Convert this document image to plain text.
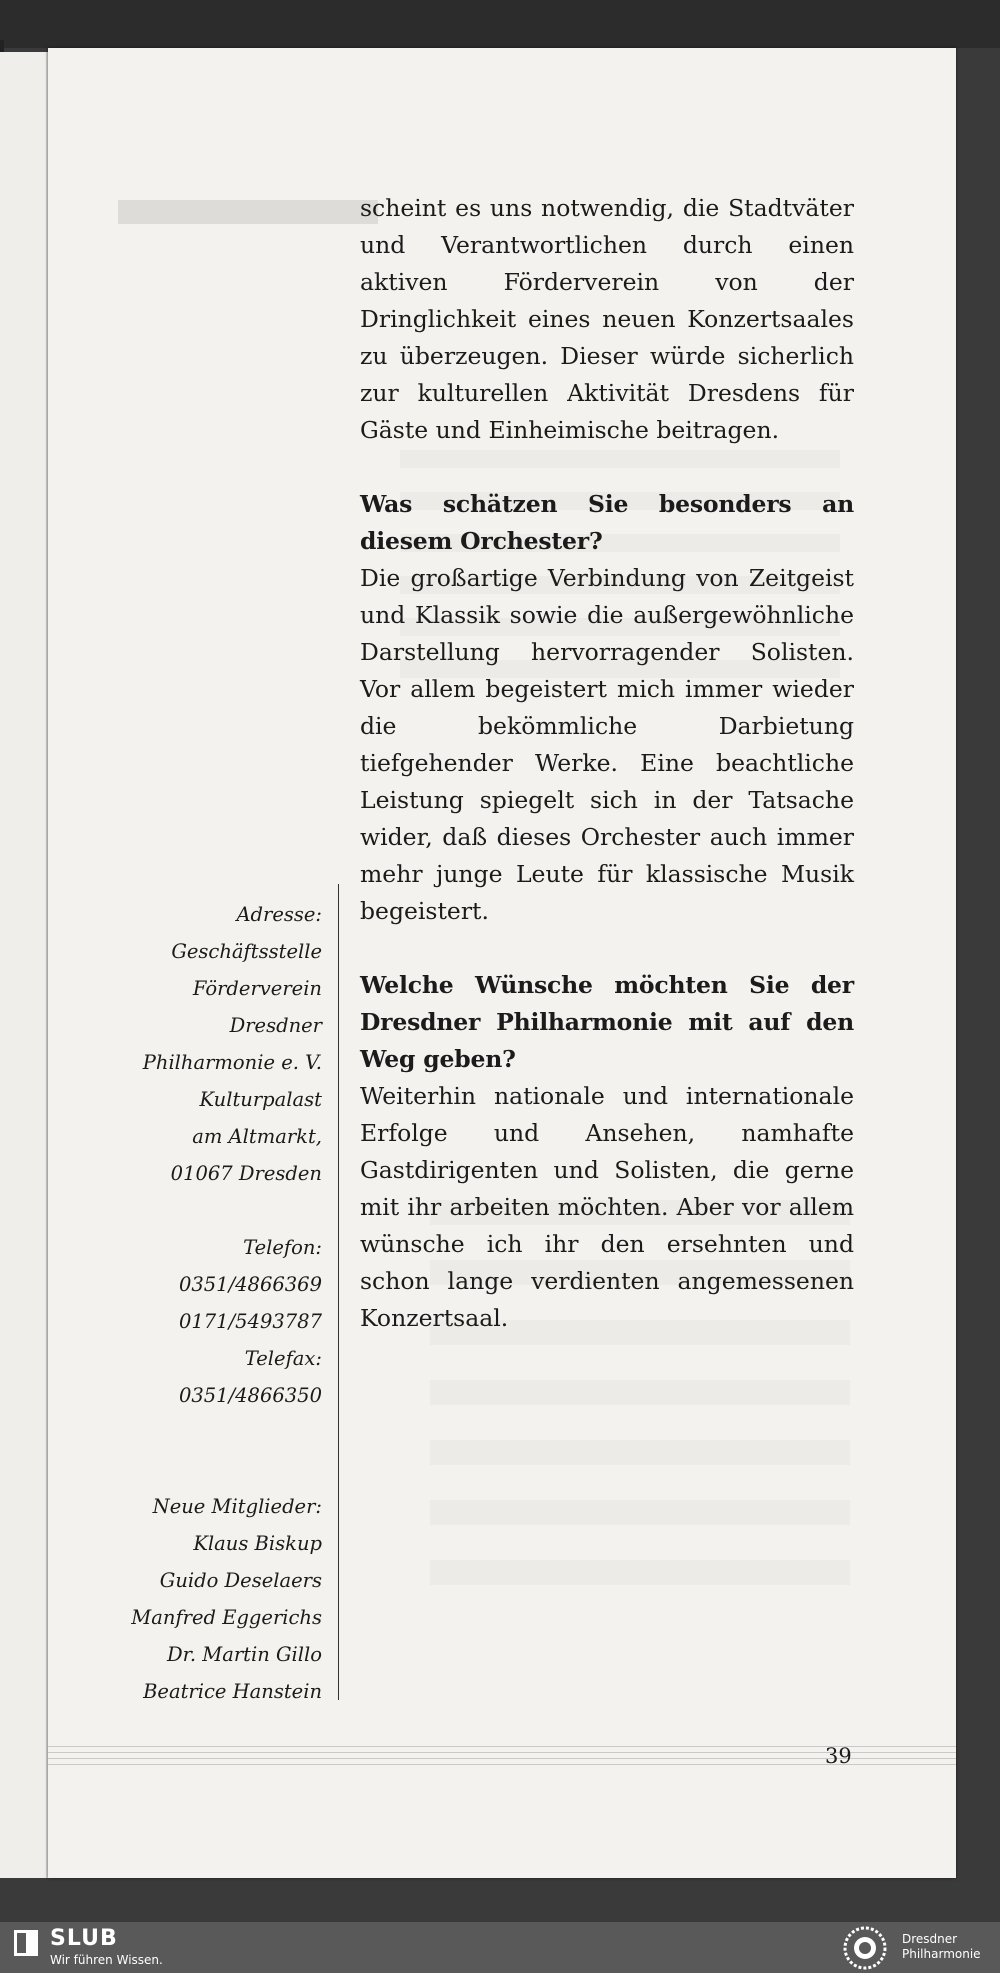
scheint es uns notwendig, die Stadtväter und Verantwortlichen durch einen aktiven Förderverein von der Dringlichkeit eines neuen Konzertsaales zu überzeugen. Dieser würde sicherlich zur kulturellen Aktivität Dresdens für Gäste und Einheimische beitragen.

Was schätzen Sie besonders an diesem Orchester?

Die großartige Verbindung von Zeitgeist und Klassik sowie die außergewöhnliche Darstellung hervorragender Solisten. Vor allem begeistert mich immer wieder die bekömmliche Darbietung tiefgehender Werke. Eine beachtliche Leistung spiegelt sich in der Tatsache wider, daß dieses Orchester auch immer mehr junge Leute für klassische Musik begeistert.

Welche Wünsche möchten Sie der Dresdner Philharmonie mit auf den Weg geben?

Weiterhin nationale und internationale Erfolge und Ansehen, namhafte Gastdirigenten und Solisten, die gerne mit ihr arbeiten möchten. Aber vor allem wünsche ich ihr den ersehnten und schon lange verdienten angemessenen Konzertsaal.

Adresse:
Geschäftsstelle
Förderverein
Dresdner
Philharmonie e. V.
Kulturpalast
am Altmarkt,
01067 Dresden
Telefon:
0351/4866369
0171/5493787
Telefax:
0351/4866350
Neue Mitglieder:
Klaus Biskup
Guido Deselaers
Manfred Eggerichs
Dr. Martin Gillo
Beatrice Hanstein
39
SLUB
Wir führen Wissen.
Dresdner
Philharmonie
